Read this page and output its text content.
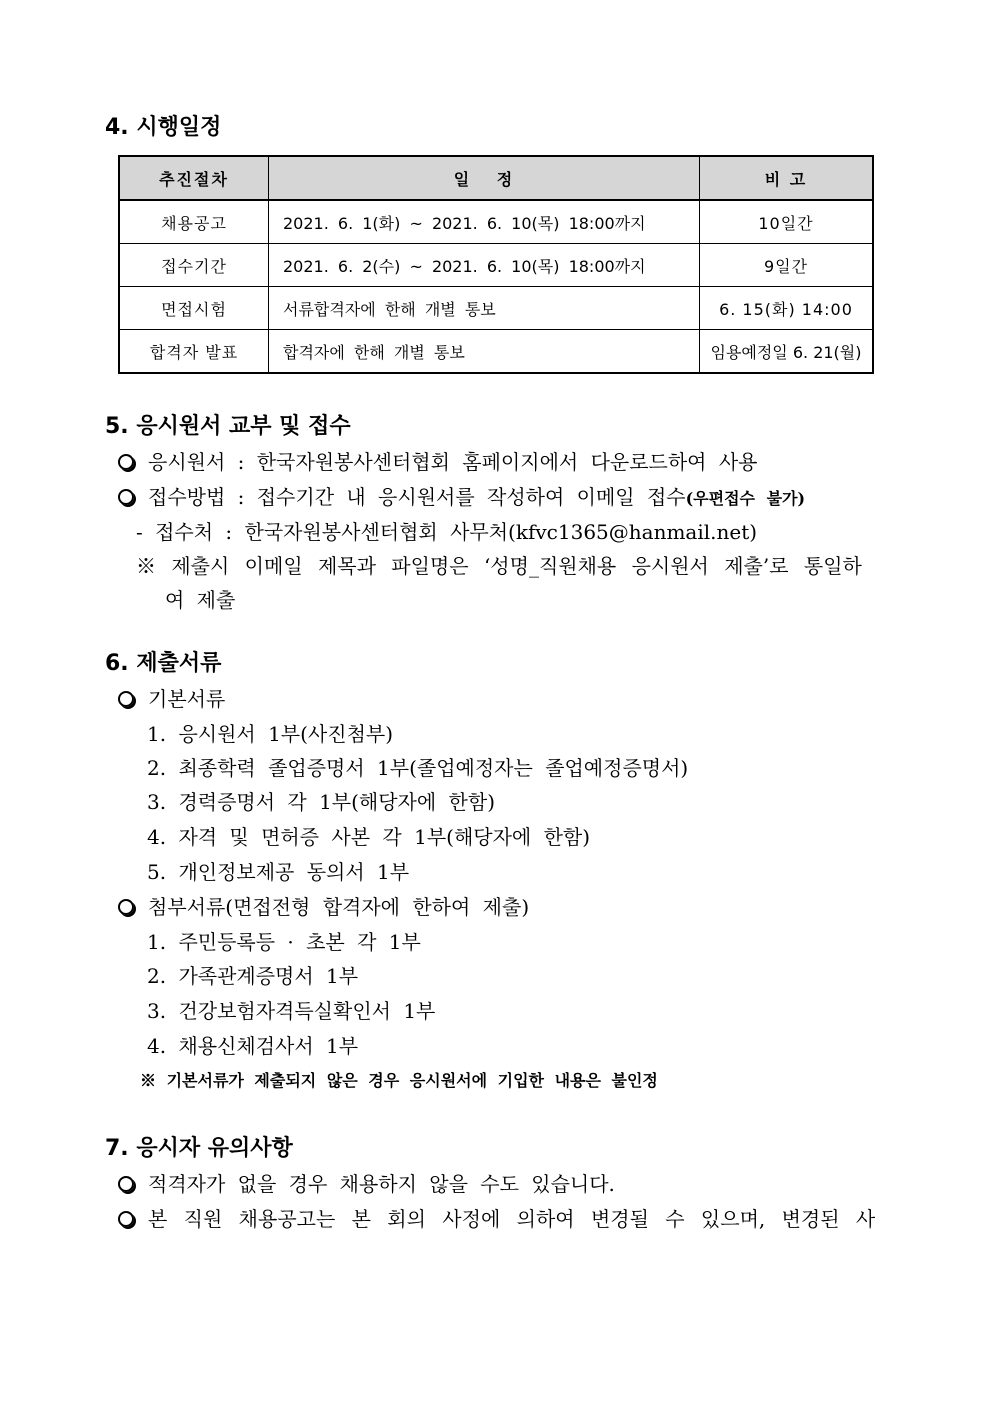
4. 시행일정
추진절차	일 정	비 고
채용공고	2021. 6. 1(화) ~ 2021. 6. 10(목) 18:00까지	10일간
접수기간	2021. 6. 2(수) ~ 2021. 6. 10(목) 18:00까지	9일간
면접시험	서류합격자에 한해 개별 통보	6. 15(화) 14:00
합격자 발표	합격자에 한해 개별 통보	임용예정일 6. 21(월)
5. 응시원서 교부 및 접수
응시원서 : 한국자원봉사센터협회 홈페이지에서 다운로드하여 사용
접수방법 : 접수기간 내 응시원서를 작성하여 이메일 접수(우편접수 불가)
- 접수처 : 한국자원봉사센터협회 사무처(kfvc1365@hanmail.net)
※ 제출시 이메일 제목과 파일명은 ‘성명_직원채용 응시원서 제출’로 통일하
여 제출
6. 제출서류
기본서류
1. 응시원서 1부(사진첨부)
2. 최종학력 졸업증명서 1부(졸업예정자는 졸업예정증명서)
3. 경력증명서 각 1부(해당자에 한함)
4. 자격 및 면허증 사본 각 1부(해당자에 한함)
5. 개인정보제공 동의서 1부
첨부서류(면접전형 합격자에 한하여 제출)
1. 주민등록등 · 초본 각 1부
2. 가족관계증명서 1부
3. 건강보험자격득실확인서 1부
4. 채용신체검사서 1부
※ 기본서류가 제출되지 않은 경우 응시원서에 기입한 내용은 불인정
7. 응시자 유의사항
적격자가 없을 경우 채용하지 않을 수도 있습니다.
본 직원 채용공고는 본 회의 사정에 의하여 변경될 수 있으며, 변경된 사
